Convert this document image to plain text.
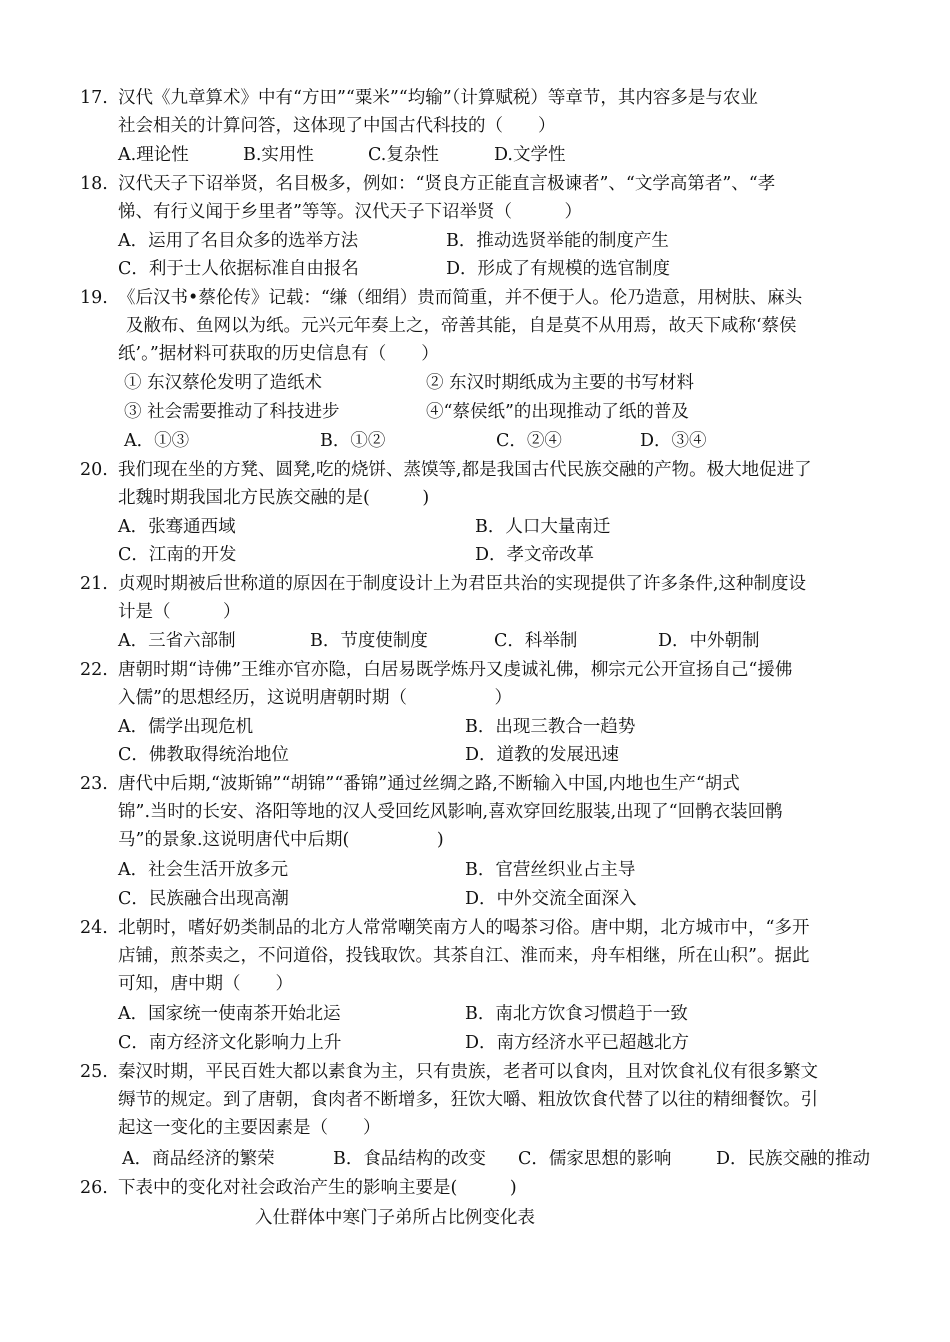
17. 汉代《九章算术》中有“方田”“粟米”“均输”（计算赋税）等章节，其内容多是与农业
社会相关的计算问答，这体现了中国古代科技的（　　）
A.理论性	B.实用性	C.复杂性	D.文学性
18. 汉代天子下诏举贤，名目极多，例如：“贤良方正能直言极谏者”、“文学高第者”、“孝
悌、有行义闻于乡里者”等等。汉代天子下诏举贤（　　　）
A．运用了名目众多的选举方法	B．推动选贤举能的制度产生
C．利于士人依据标准自由报名	D．形成了有规模的选官制度
19. 《后汉书•蔡伦传》记载：“缣（细绢）贵而简重，并不便于人。伦乃造意，用树肤、麻头
及敝布、鱼网以为纸。元兴元年奏上之，帝善其能，自是莫不从用焉，故天下咸称‘蔡侯
纸’。”据材料可获取的历史信息有（　　）
① 东汉蔡伦发明了造纸术	② 东汉时期纸成为主要的书写材料
③ 社会需要推动了科技进步	④“蔡侯纸”的出现推动了纸的普及
A．①③	B．①②	C．②④	D．③④
20. 我们现在坐的方凳、圆凳,吃的烧饼、蒸馍等,都是我国古代民族交融的产物。极大地促进了
北魏时期我国北方民族交融的是(　　　)
A．张骞通西域	B．人口大量南迁
C．江南的开发	D．孝文帝改革
21. 贞观时期被后世称道的原因在于制度设计上为君臣共治的实现提供了许多条件,这种制度设
计是（　　　）
A．三省六部制	B．节度使制度	C．科举制	D．中外朝制
22. 唐朝时期“诗佛”王维亦官亦隐，白居易既学炼丹又虔诚礼佛，柳宗元公开宣扬自己“援佛
入儒”的思想经历，这说明唐朝时期（　　　　　）
A．儒学出现危机	B．出现三教合一趋势
C．佛教取得统治地位	D．道教的发展迅速
23. 唐代中后期,“波斯锦”“胡锦”“番锦”通过丝绸之路,不断输入中国,内地也生产“胡式
锦”.当时的长安、洛阳等地的汉人受回纥风影响,喜欢穿回纥服装,出现了“回鹘衣装回鹘
马”的景象.这说明唐代中后期(　　　　　)
A．社会生活开放多元	B．官营丝织业占主导
C．民族融合出现高潮	D．中外交流全面深入
24. 北朝时，嗜好奶类制品的北方人常常嘲笑南方人的喝茶习俗。唐中期，北方城市中，“多开
店铺，煎茶卖之，不问道俗，投钱取饮。其茶自江、淮而来，舟车相继，所在山积”。据此
可知，唐中期（　　）
A．国家统一使南茶开始北运	B．南北方饮食习惯趋于一致
C．南方经济文化影响力上升	D．南方经济水平已超越北方
25. 秦汉时期，平民百姓大都以素食为主，只有贵族，老者可以食肉，且对饮食礼仪有很多繁文
缛节的规定。到了唐朝，食肉者不断增多，狂饮大嚼、粗放饮食代替了以往的精细餐饮。引
起这一变化的主要因素是（　　）
A．商品经济的繁荣	B．食品结构的改变 C．儒家思想的影响	D．民族交融的推动
26. 下表中的变化对社会政治产生的影响主要是(　　　)
入仕群体中寒门子弟所占比例变化表
